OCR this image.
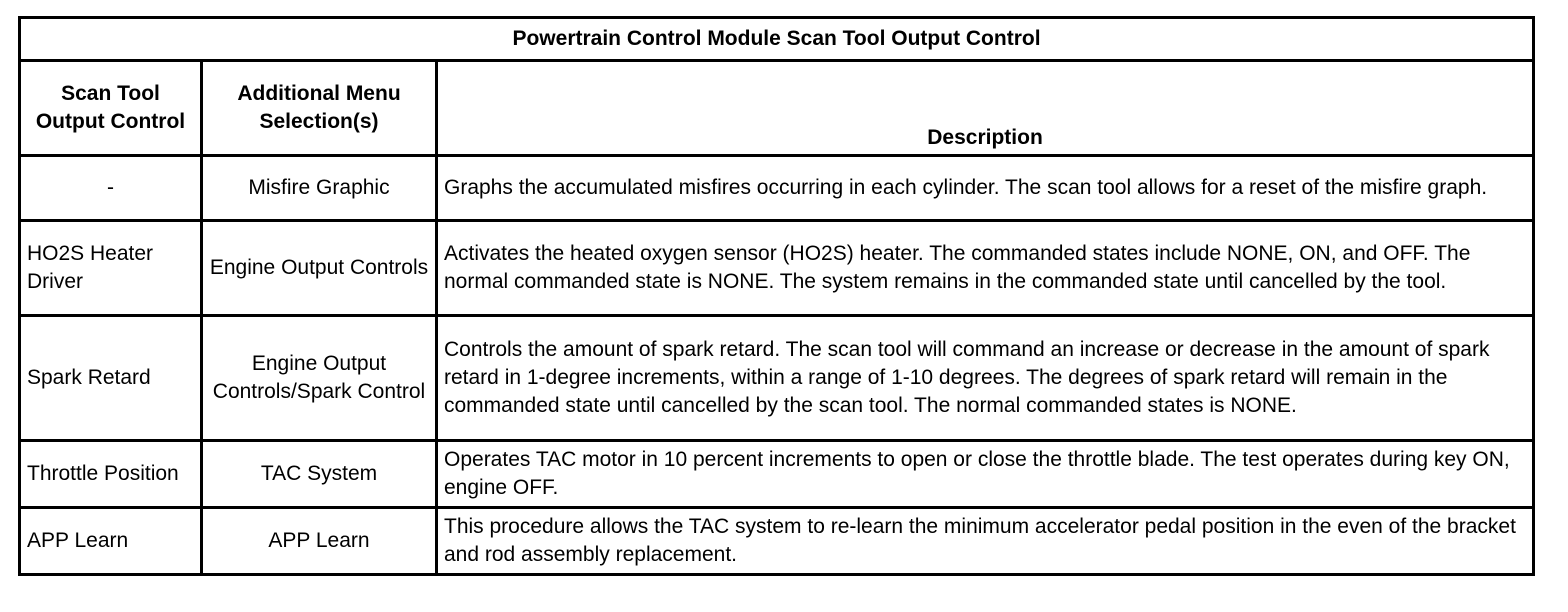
Powertrain Control Module Scan Tool Output Control		
Scan Tool Output Control	Additional Menu Selection(s)	Description
-	Misfire Graphic	Graphs the accumulated misfires occurring in each cylinder. The scan tool allows for a reset of the misfire graph.
HO2S Heater Driver	Engine Output Controls	Activates the heated oxygen sensor (HO2S) heater. The commanded states include NONE, ON, and OFF. The normal commanded state is NONE. The system remains in the commanded state until cancelled by the tool.
Spark Retard	Engine Output Controls/Spark Control	Controls the amount of spark retard. The scan tool will command an increase or decrease in the amount of spark retard in 1-degree increments, within a range of 1-10 degrees. The degrees of spark retard will remain in the commanded state until cancelled by the scan tool. The normal commanded states is NONE.
Throttle Position	TAC System	Operates TAC motor in 10 percent increments to open or close the throttle blade. The test operates during key ON, engine OFF.
APP Learn	APP Learn	This procedure allows the TAC system to re-learn the minimum accelerator pedal position in the even of the bracket and rod assembly replacement.
